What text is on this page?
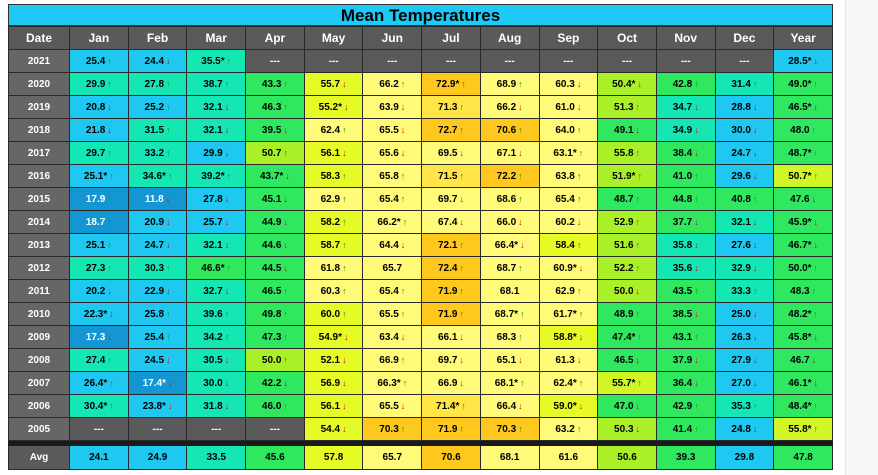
Mean Temperatures
Date	Jan	Feb	Mar	Apr	May	Jun	Jul	Aug	Sep	Oct	Nov	Dec	Year
2021	25.4 ↑	24.4 ↓	35.5* ↑	---	---	---	---	---	---	---	---	---	28.5* ↓
2020	29.9 ↑	27.8 ↑	38.7 ↑	43.3 ↑	55.7 ↓	66.2 ↑	72.9* ↑	68.9 ↑	60.3 ↓	50.4* ↓	42.8 ↑	31.4 ↑	49.0* ↑
2019	20.8 ↓	25.2 ↑	32.1 ↓	46.3 ↑	55.2* ↓	63.9 ↓	71.3 ↑	66.2 ↓	61.0 ↓	51.3 ↑	34.7 ↓	28.8 ↓	46.5* ↓
2018	21.8 ↓	31.5 ↑	32.1 ↓	39.5 ↓	62.4 ↑	65.5 ↓	72.7 ↑	70.6 ↑	64.0 ↑	49.1 ↓	34.9 ↓	30.0 ↓	48.0 ↑
2017	29.7 ↑	33.2 ↑	29.9 ↓	50.7 ↑	56.1 ↓	65.6 ↓	69.5 ↓	67.1 ↓	63.1* ↑	55.8 ↑	38.4 ↓	24.7 ↓	48.7* ↑
2016	25.1* ↑	34.6* ↑	39.2* ↑	43.7* ↓	58.3 ↑	65.8 ↑	71.5 ↑	72.2 ↑	63.8 ↑	51.9* ↑	41.0 ↑	29.6 ↓	50.7* ↑
2015	17.9 ↑	11.8 ↓	27.8 ↓	45.1 ↓	62.9 ↑	65.4 ↑	69.7 ↓	68.6 ↑	65.4 ↑	48.7 ↑	44.8 ↑	40.8 ↑	47.6 ↓
2014	18.7 ↑	20.9 ↓	25.7 ↓	44.9 ↓	58.2 ↑	66.2* ↑	67.4 ↓	66.0 ↓	60.2 ↓	52.9 ↑	37.7 ↓	32.1 ↓	45.9* ↓
2013	25.1 ↑	24.7 ↓	32.1 ↓	44.6 ↓	58.7 ↑	64.4 ↓	72.1 ↑	66.4* ↓	58.4 ↑	51.6 ↑	35.8 ↓	27.6 ↓	46.7* ↓
2012	27.3 ↑	30.3 ↑	46.6* ↑	44.5 ↓	61.8 ↑	65.7	72.4 ↑	68.7 ↑	60.9* ↓	52.2 ↑	35.6 ↓	32.9 ↓	50.0* ↑
2011	20.2 ↓	22.9 ↓	32.7 ↓	46.5 ↑	60.3 ↑	65.4 ↑	71.9 ↑	68.1	62.9 ↑	50.0 ↓	43.5 ↑	33.3 ↑	48.3 ↑
2010	22.3* ↓	25.8 ↑	39.6 ↑	49.8 ↑	60.0 ↑	65.5 ↑	71.9 ↑	68.7* ↑	61.7* ↑	48.9 ↑	38.5 ↓	25.0 ↓	48.2* ↑
2009	17.3 ↓	25.4 ↑	34.2 ↑	47.3 ↑	54.9* ↓	63.4 ↓	66.1 ↓	68.3 ↑	58.8* ↓	47.4* ↑	43.1 ↑	26.3 ↓	45.8* ↓
2008	27.4 ↑	24.5 ↓	30.5 ↓	50.0 ↑	52.1 ↓	66.9 ↑	69.7 ↓	65.1 ↓	61.3 ↓	46.5 ↓	37.9 ↓	27.9 ↓	46.7 ↓
2007	26.4* ↑	17.4* ↓	30.0 ↓	42.2 ↓	56.9 ↓	66.3* ↑	66.9 ↓	68.1* ↑	62.4* ↑	55.7* ↑	36.4 ↓	27.0 ↓	46.1* ↓
2006	30.4* ↑	23.8* ↓	31.8 ↓	46.0 ↑	56.1 ↓	65.5 ↓	71.4* ↑	66.4 ↓	59.0* ↓	47.0 ↓	42.9 ↑	35.3 ↑	48.4* ↑
2005	---	---	---	---	54.4 ↓	70.3 ↑	71.9 ↑	70.3 ↑	63.2 ↑	50.3 ↓	41.4 ↑	24.8 ↓	55.8* ↑

Avg	24.1	24.9	33.5	45.6	57.8	65.7	70.6	68.1	61.6	50.6	39.3	29.8	47.8
